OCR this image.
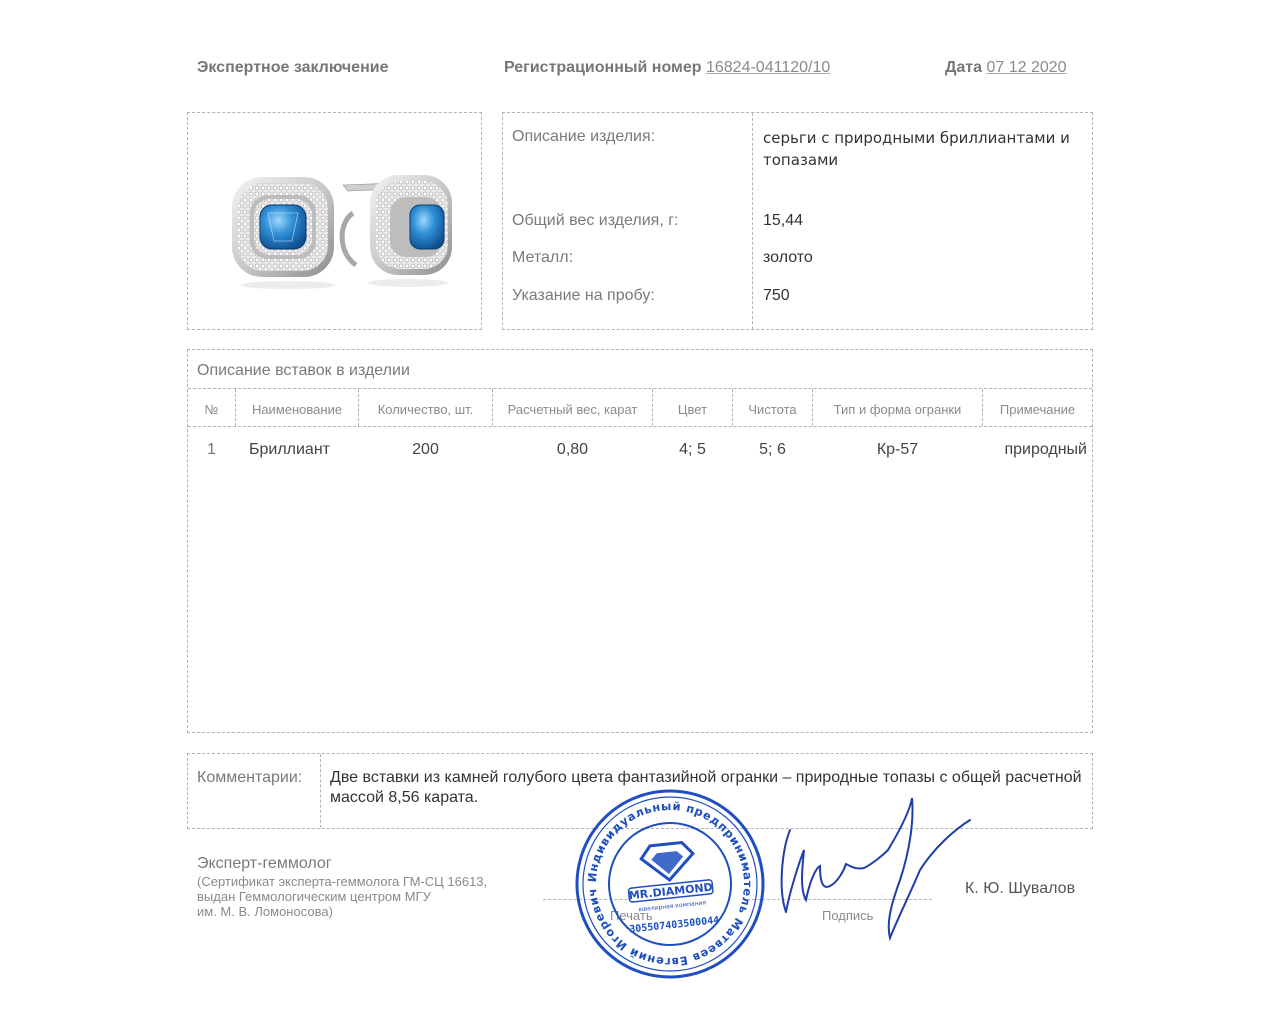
Экспертное заключение	Регистрационный номер 16824-041120/10	Дата 07 12 2020
Описание изделия:	серьги с природными бриллиантами и топазами
Общий вес изделия, г:	15,44
Металл:	золото
Указание на пробу:	750
Описание вставок в изделии
№	Наименование	Количество, шт.	Расчетный вес, карат	Цвет	Чистота	Тип и форма огранки	Примечание
1	Бриллиант	200	0,80	4; 5	5; 6	Кр-57	природный
Комментарии: Две вставки из камней голубого цвета фантазийной огранки – природные топазы с общей расчетной массой 8,56 карата.
Эксперт-геммолог
(Сертификат эксперта-геммолога ГМ-СЦ 16613,
выдан Геммологическим центром МГУ
им. М. В. Ломоносова)	Печать	Подпись
К. Ю. Шувалов
Индивидуальный предприниматель Матвеев Евгений Игоревич	MR.DIAMOND
ювелирная компания
305507403500044
